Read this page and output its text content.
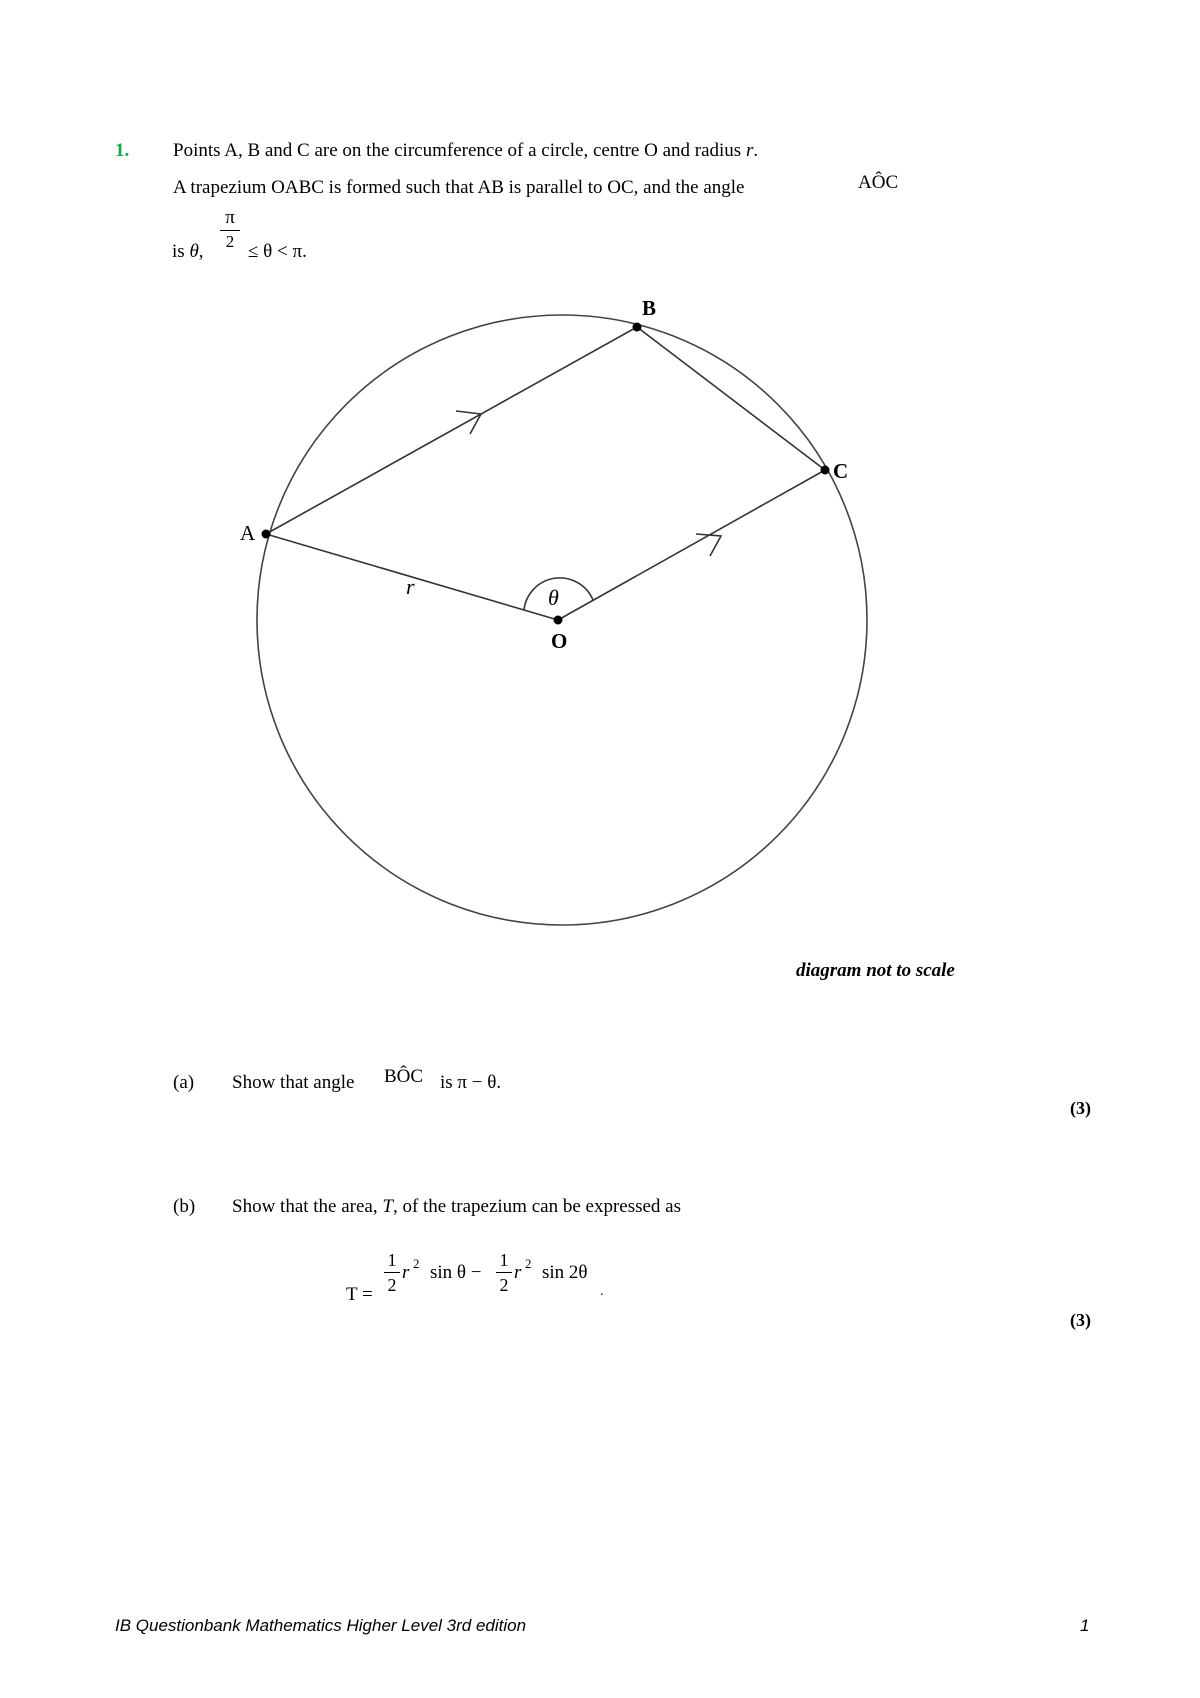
1. Points A, B and C are on the circumference of a circle, centre O and radius r.
A trapezium OABC is formed such that AB is parallel to OC, and the angle	AÔC
is θ,
π
2 ≤ θ < π.
A
B
C
O
r	θ
diagram not to scale
(a) Show that angle BÔC is π − θ.
(3)
(b) Show that the area, T, of the trapezium can be expressed as
T =
1
2
r 2 sin θ −
1
2
r 2 sin 2θ
.
(3)
IB Questionbank Mathematics Higher Level 3rd edition	1
